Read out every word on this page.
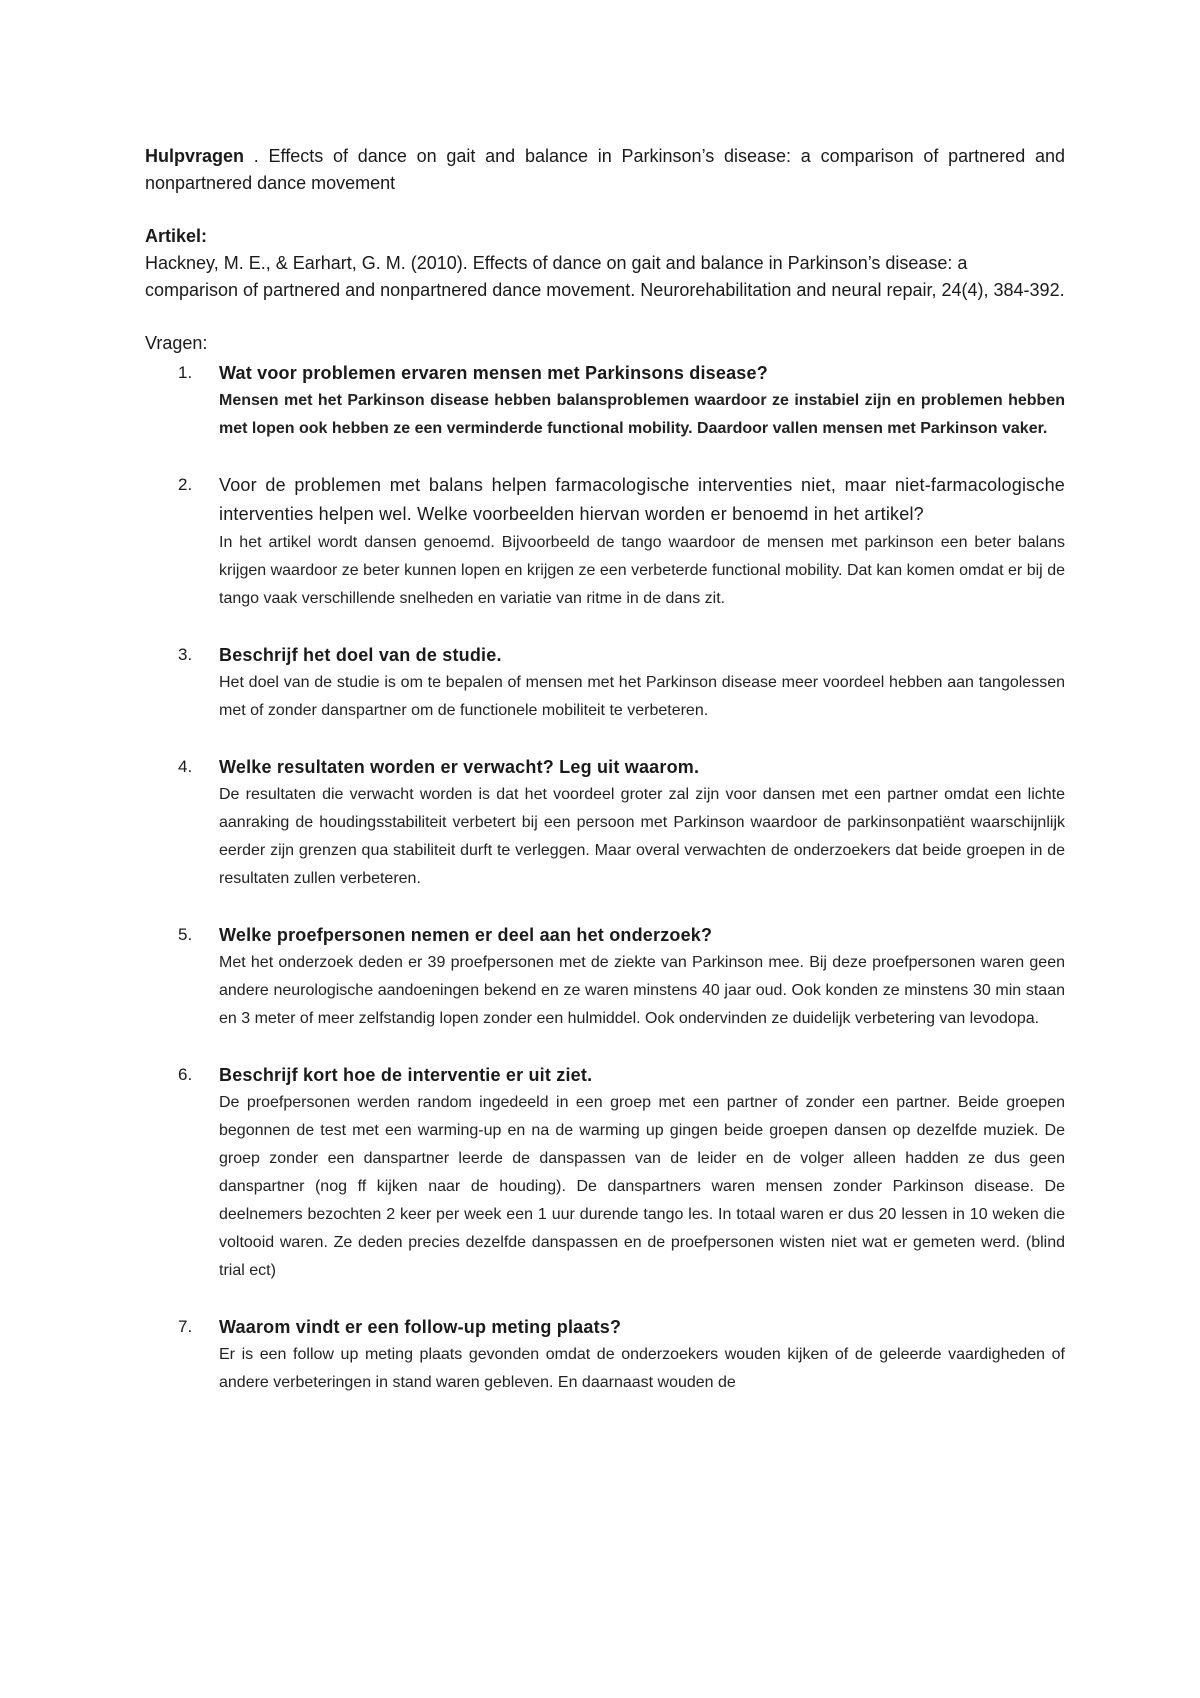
Hulpvragen . Effects of dance on gait and balance in Parkinson’s disease: a comparison of partnered and nonpartnered dance movement

Artikel:

Hackney, M. E., & Earhart, G. M. (2010). Effects of dance on gait and balance in Parkinson’s disease: a comparison of partnered and nonpartnered dance movement. Neurorehabilitation and neural repair, 24(4), 384-392.

Vragen:

1. Wat voor problemen ervaren mensen met Parkinsons disease?

Mensen met het Parkinson disease hebben balansproblemen waardoor ze instabiel zijn en problemen hebben met lopen ook hebben ze een verminderde functional mobility. Daardoor vallen mensen met Parkinson vaker.

2. Voor de problemen met balans helpen farmacologische interventies niet, maar niet-farmacologische interventies helpen wel. Welke voorbeelden hiervan worden er benoemd in het artikel?

In het artikel wordt dansen genoemd. Bijvoorbeeld de tango waardoor de mensen met parkinson een beter balans krijgen waardoor ze beter kunnen lopen en krijgen ze een verbeterde functional mobility. Dat kan komen omdat er bij de tango vaak verschillende snelheden en variatie van ritme in de dans zit.

3. Beschrijf het doel van de studie.

Het doel van de studie is om te bepalen of mensen met het Parkinson disease meer voordeel hebben aan tangolessen met of zonder danspartner om de functionele mobiliteit te verbeteren.

4. Welke resultaten worden er verwacht? Leg uit waarom.

De resultaten die verwacht worden is dat het voordeel groter zal zijn voor dansen met een partner omdat een lichte aanraking de houdingsstabiliteit verbetert bij een persoon met Parkinson waardoor de parkinsonpatiënt waarschijnlijk eerder zijn grenzen qua stabiliteit durft te verleggen. Maar overal verwachten de onderzoekers dat beide groepen in de resultaten zullen verbeteren.

5. Welke proefpersonen nemen er deel aan het onderzoek?

Met het onderzoek deden er 39 proefpersonen met de ziekte van Parkinson mee. Bij deze proefpersonen waren geen andere neurologische aandoeningen bekend en ze waren minstens 40 jaar oud. Ook konden ze minstens 30 min staan en 3 meter of meer zelfstandig lopen zonder een hulmiddel. Ook ondervinden ze duidelijk verbetering van levodopa.

6. Beschrijf kort hoe de interventie er uit ziet.

De proefpersonen werden random ingedeeld in een groep met een partner of zonder een partner. Beide groepen begonnen de test met een warming-up en na de warming up gingen beide groepen dansen op dezelfde muziek. De groep zonder een danspartner leerde de danspassen van de leider en de volger alleen hadden ze dus geen danspartner (nog ff kijken naar de houding). De danspartners waren mensen zonder Parkinson disease. De deelnemers bezochten 2 keer per week een 1 uur durende tango les. In totaal waren er dus 20 lessen in 10 weken die voltooid waren. Ze deden precies dezelfde danspassen en de proefpersonen wisten niet wat er gemeten werd. (blind trial ect)

7. Waarom vindt er een follow-up meting plaats?

Er is een follow up meting plaats gevonden omdat de onderzoekers wouden kijken of de geleerde vaardigheden of andere verbeteringen in stand waren gebleven. En daarnaast wouden de
